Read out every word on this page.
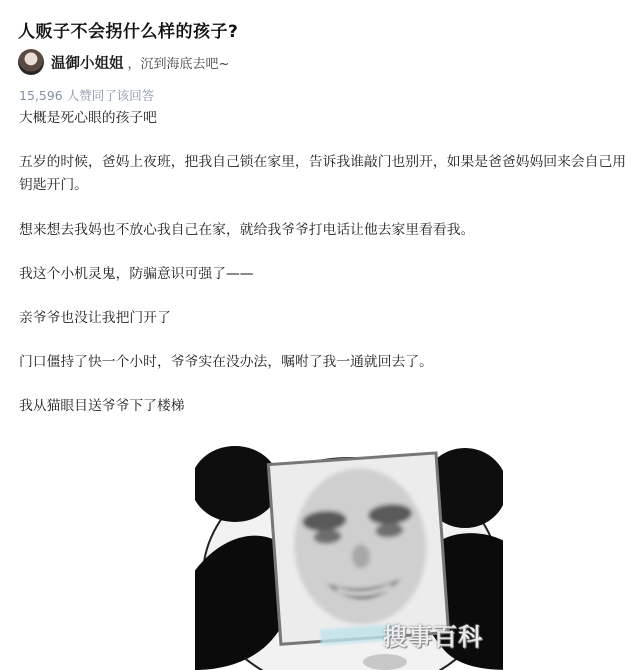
人贩子不会拐什么样的孩子?
温御小姐姐 ，沉到海底去吧~
15,596 人赞同了该回答

大概是死心眼的孩子吧

五岁的时候，爸妈上夜班，把我自己锁在家里，告诉我谁敲门也别开，如果是爸爸妈妈回来会自己用钥匙开门。

想来想去我妈也不放心我自己在家，就给我爷爷打电话让他去家里看看我。

我这个小机灵鬼，防骗意识可强了——

亲爷爷也没让我把门开了

门口僵持了快一个小时，爷爷实在没办法，嘱咐了我一通就回去了。

我从猫眼目送爷爷下了楼梯

搜事百科
